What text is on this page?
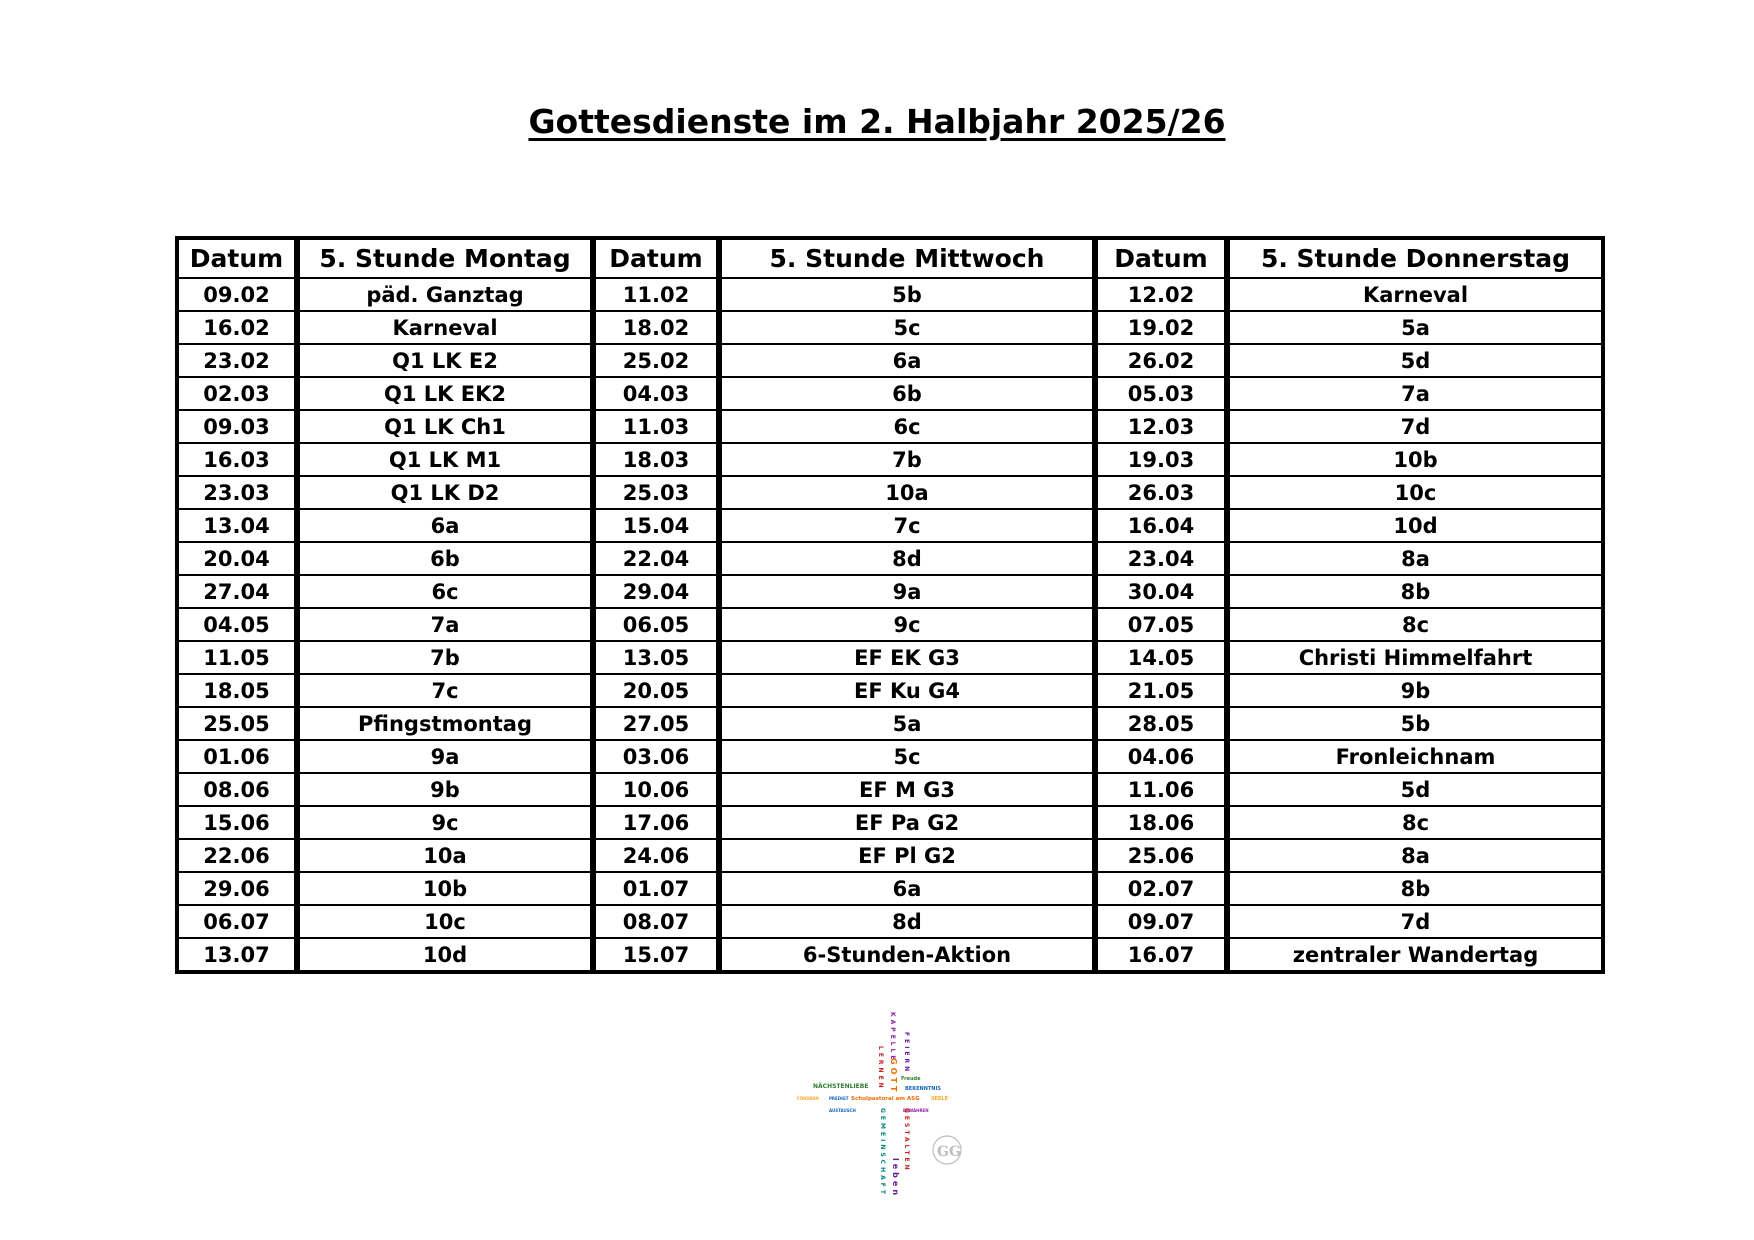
Gottesdienste im 2. Halbjahr 2025/26
Datum	5. Stunde Montag	Datum	5. Stunde Mittwoch	Datum	5. Stunde Donnerstag
09.02	päd. Ganztag	11.02	5b	12.02	Karneval
16.02	Karneval	18.02	5c	19.02	5a
23.02	Q1 LK E2	25.02	6a	26.02	5d
02.03	Q1 LK EK2	04.03	6b	05.03	7a
09.03	Q1 LK Ch1	11.03	6c	12.03	7d
16.03	Q1 LK M1	18.03	7b	19.03	10b
23.03	Q1 LK D2	25.03	10a	26.03	10c
13.04	6a	15.04	7c	16.04	10d
20.04	6b	22.04	8d	23.04	8a
27.04	6c	29.04	9a	30.04	8b
04.05	7a	06.05	9c	07.05	8c
11.05	7b	13.05	EF EK G3	14.05	Christi Himmelfahrt
18.05	7c	20.05	EF Ku G4	21.05	9b
25.05	Pfingstmontag	27.05	5a	28.05	5b
01.06	9a	03.06	5c	04.06	Fronleichnam
08.06	9b	10.06	EF M G3	11.06	5d
15.06	9c	17.06	EF Pa G2	18.06	8c
22.06	10a	24.06	EF Pl G2	25.06	8a
29.06	10b	01.07	6a	02.07	8b
06.07	10c	08.07	8d	09.07	7d
13.07	10d	15.07	6-Stunden-Aktion	16.07	zentraler Wandertag
KAPELLE
LERNEN	FEIERN
NÄCHSTENLIEBE
Freude
BEKENNTNIS
GOTT
FÖRDERN	PREDIGT Schulpastoral am ASG SEELE
AUSTAUSCH	BEWAHREN
GEMEINSCHAFT	GESTALTEN
leben
GG
